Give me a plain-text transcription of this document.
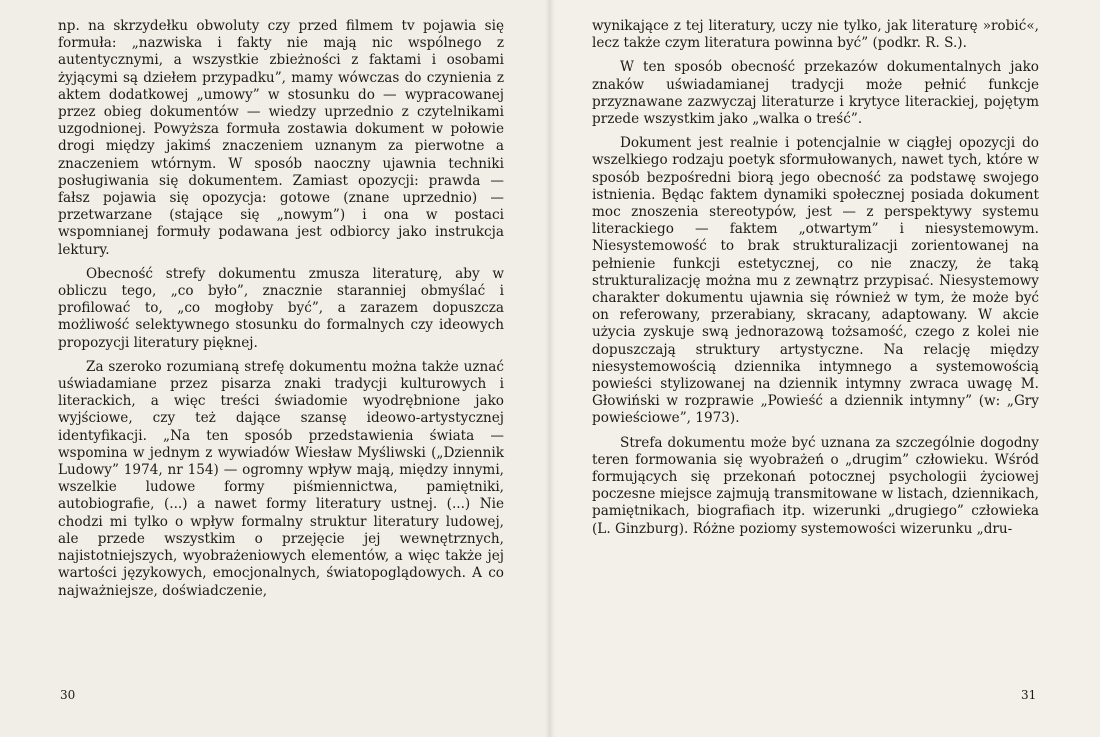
np. na skrzydełku obwoluty czy przed filmem tv pojawia się formuła: „nazwiska i fakty nie mają nic wspólnego z autentycznymi, a wszystkie zbieżności z faktami i osobami żyjącymi są dziełem przypadku”, mamy wówczas do czynienia z aktem dodatkowej „umowy” w stosunku do — wypracowanej przez obieg dokumentów — wiedzy uprzednio z czytelnikami uzgodnionej. Powyższa formuła zostawia dokument w połowie drogi między jakimś znaczeniem uznanym za pierwotne a znaczeniem wtórnym. W sposób naoczny ujawnia techniki posługiwania się dokumentem. Zamiast opozycji: prawda — fałsz pojawia się opozycja: gotowe (znane uprzednio) — przetwarzane (stające się „nowym”) i ona w postaci wspomnianej formuły podawana jest odbiorcy jako instrukcja lektury.

Obecność strefy dokumentu zmusza literaturę, aby w obliczu tego, „co było”, znacznie staranniej obmyślać i profilować to, „co mogłoby być”, a zarazem dopuszcza możliwość selektywnego stosunku do formalnych czy ideowych propozycji literatury pięknej.

Za szeroko rozumianą strefę dokumentu można także uznać uświadamiane przez pisarza znaki tradycji kulturowych i literackich, a więc treści świadomie wyodrębnione jako wyjściowe, czy też dające szansę ideowo-artystycznej identyfikacji. „Na ten sposób przedstawienia świata — wspomina w jednym z wywiadów Wiesław Myśliwski („Dziennik Ludowy” 1974, nr 154) — ogromny wpływ mają, między innymi, wszelkie ludowe formy piśmiennictwa, pamiętniki, autobiografie, (...) a nawet formy literatury ustnej. (...) Nie chodzi mi tylko o wpływ formalny struktur literatury ludowej, ale przede wszystkim o przejęcie jej wewnętrznych, najistotniejszych, wyobrażeniowych elementów, a więc także jej wartości językowych, emocjonalnych, światopoglądowych. A co najważniejsze, doświadczenie,

30

wynikające z tej literatury, uczy nie tylko, jak literaturę »robić«, lecz także czym literatura powinna być” (podkr. R. S.).

W ten sposób obecność przekazów dokumentalnych jako znaków uświadamianej tradycji może pełnić funkcje przyznawane zazwyczaj literaturze i krytyce literackiej, pojętym przede wszystkim jako „walka o treść”.

Dokument jest realnie i potencjalnie w ciągłej opozycji do wszelkiego rodzaju poetyk sformułowanych, nawet tych, które w sposób bezpośredni biorą jego obecność za podstawę swojego istnienia. Będąc faktem dynamiki społecznej posiada dokument moc znoszenia stereotypów, jest — z perspektywy systemu literackiego — faktem „otwartym” i niesystemowym. Niesystemowość to brak strukturalizacji zorientowanej na pełnienie funkcji estetycznej, co nie znaczy, że taką strukturalizację można mu z zewnątrz przypisać. Niesystemowy charakter dokumentu ujawnia się również w tym, że może być on referowany, przerabiany, skracany, adaptowany. W akcie użycia zyskuje swą jednorazową tożsamość, czego z kolei nie dopuszczają struktury artystyczne. Na relację między niesystemowością dziennika intymnego a systemowością powieści stylizowanej na dziennik intymny zwraca uwagę M. Głowiński w rozprawie „Powieść a dziennik intymny” (w: „Gry powieściowe”, 1973).

Strefa dokumentu może być uznana za szczególnie dogodny teren formowania się wyobrażeń o „drugim” człowieku. Wśród formujących się przekonań potocznej psychologii życiowej poczesne miejsce zajmują transmitowane w listach, dziennikach, pamiętnikach, biografiach itp. wizerunki „drugiego” człowieka (L. Ginzburg). Różne poziomy systemowości wizerunku „dru-

31
